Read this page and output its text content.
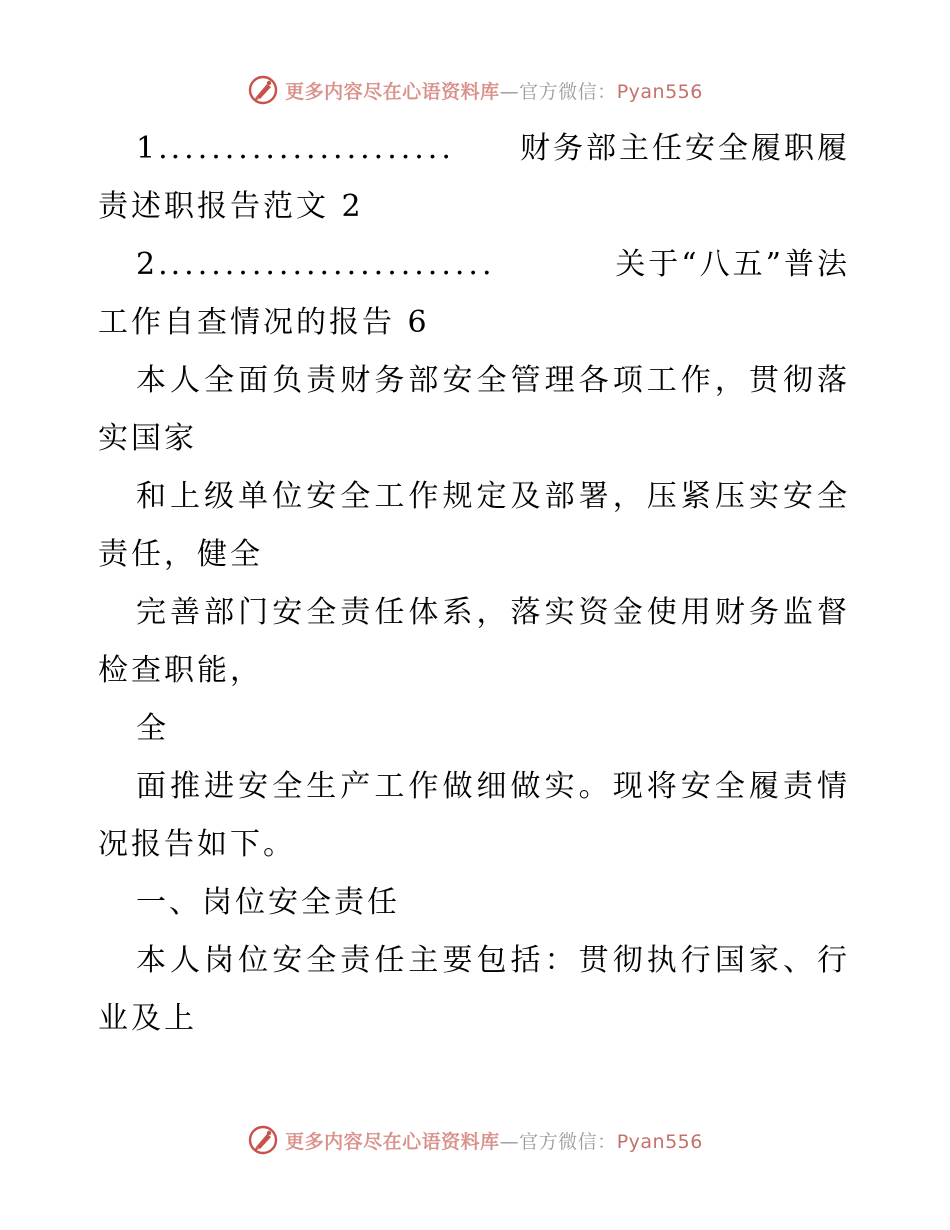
更多内容尽在心语资料库—官方微信：Pyan556
1. .....................	财务部主任安全履职履

责述职报告范文 2

2. ........................	关于“八五”普法

工作自查情况的报告 6

本人全面负责财务部安全管理各项工作，贯彻落实国家

和上级单位安全工作规定及部署，压紧压实安全责任，健全

完善部门安全责任体系，落实资金使用财务监督检查职能，

全

面推进安全生产工作做细做实。现将安全履责情况报告如下。

一、岗位安全责任

本人岗位安全责任主要包括：贯彻执行国家、行业及上

更多内容尽在心语资料库—官方微信：Pyan556
